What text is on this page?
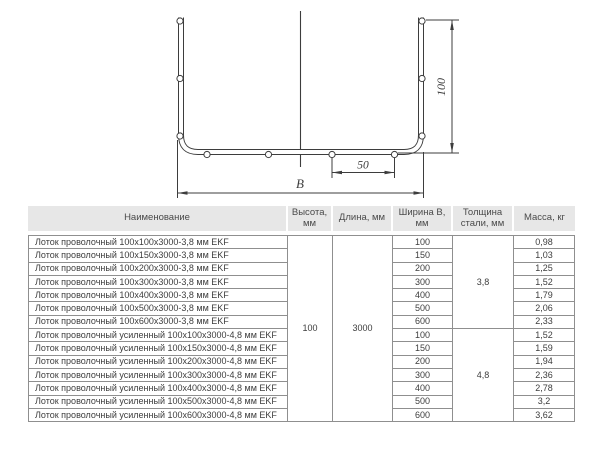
100
50
B
Наименование	Высота, мм	Длина, мм	Ширина B, мм	Толщина стали, мм	Масса, кг
Лоток проволочный 100x100x3000-3,8 мм EKF	100	3000	100	3,8	0,98
Лоток проволочный 100x150x3000-3,8 мм EKF			150		1,03
Лоток проволочный 100x200x3000-3,8 мм EKF			200		1,25
Лоток проволочный 100x300x3000-3,8 мм EKF			300		1,52
Лоток проволочный 100x400x3000-3,8 мм EKF			400		1,79
Лоток проволочный 100x500x3000-3,8 мм EKF			500		2,06
Лоток проволочный 100x600x3000-3,8 мм EKF			600		2,33
Лоток проволочный усиленный 100x100x3000-4,8 мм EKF			100	4,8	1,52
Лоток проволочный усиленный 100x150x3000-4,8 мм EKF			150		1,59
Лоток проволочный усиленный 100x200x3000-4,8 мм EKF			200		1,94
Лоток проволочный усиленный 100x300x3000-4,8 мм EKF			300		2,36
Лоток проволочный усиленный 100x400x3000-4,8 мм EKF			400		2,78
Лоток проволочный усиленный 100x500x3000-4,8 мм EKF			500		3,2
Лоток проволочный усиленный 100x600x3000-4,8 мм EKF			600		3,62
